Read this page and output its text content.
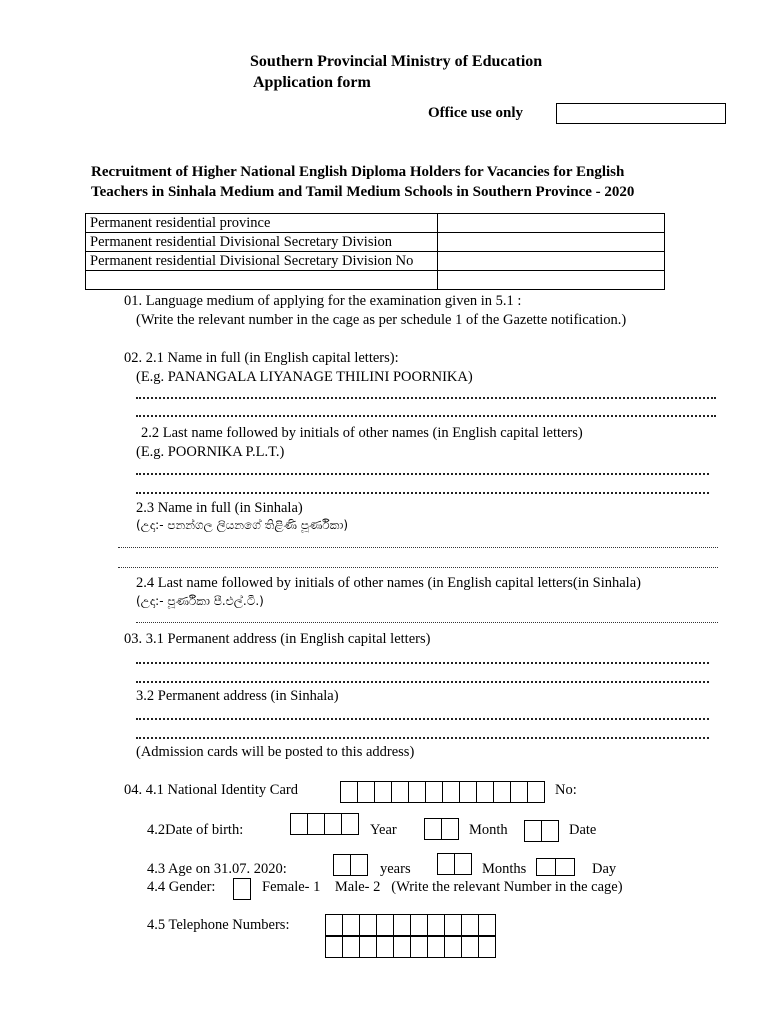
Southern Provincial Ministry of Education
Application form
Office use only
Recruitment of Higher National English Diploma Holders for Vacancies for English
Teachers in Sinhala Medium and Tamil Medium Schools in Southern Province - 2020
Permanent residential province	
Permanent residential Divisional Secretary Division	
Permanent residential Divisional Secretary Division No	

01. Language medium of applying for the examination given in 5.1 :
(Write the relevant number in the cage as per schedule 1 of the Gazette notification.)
02. 2.1 Name in full (in English capital letters):
(E.g. PANANGALA LIYANAGE THILINI POORNIKA)
2.2 Last name followed by initials of other names (in English capital letters)
(E.g. POORNIKA P.L.T.)
2.3 Name in full (in Sinhala)
(උදා:- පනන්ගල ලියනගේ තිළිණි පූර්ණිකා)
2.4 Last name followed by initials of other names (in English capital letters(in Sinhala)
(උදා:- පූර්ණිකා පී.එල්.ටී.)
03. 3.1 Permanent address (in English capital letters)
3.2 Permanent address (in Sinhala)
(Admission cards will be posted to this address)
04. 4.1 National Identity Card	No:
4.2Date of birth:	Year	Month	Date
4.3 Age on 31.07. 2020:	years	Months	Day
4.4 Gender:	Female- 1    Male- 2   (Write the relevant Number in the cage)
4.5 Telephone Numbers:
